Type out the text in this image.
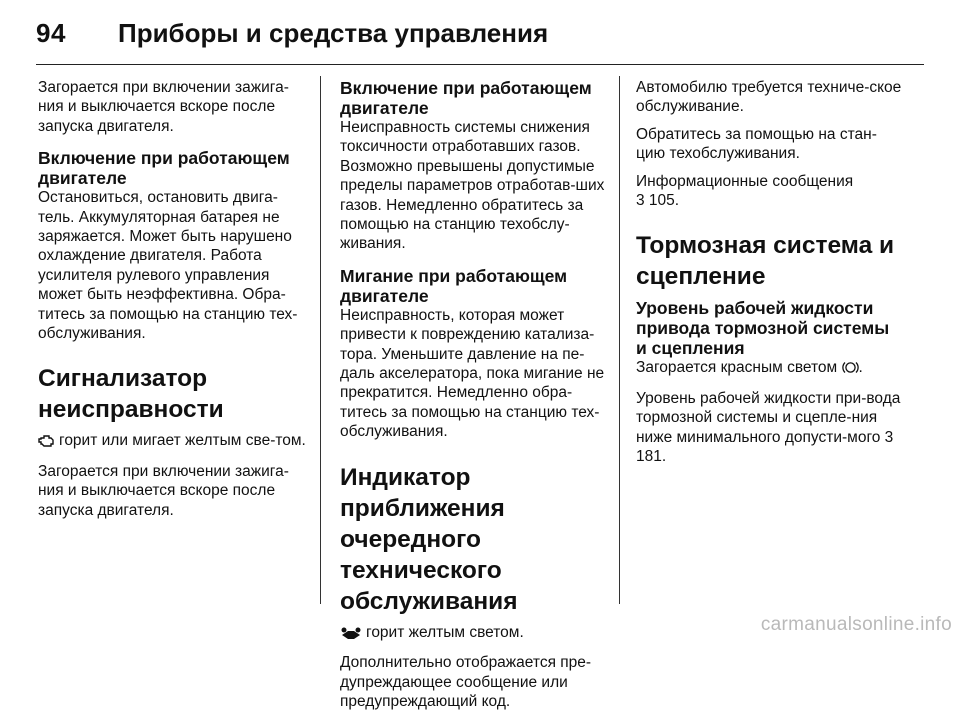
94 Приборы и средства управления

Загорается при включении зажига-ния и выключается вскоре после запуска двигателя.

Включение при работающем двигателе

Остановиться, остановить двига-тель. Аккумуляторная батарея не заряжается. Может быть нарушено охлаждение двигателя. Работа усилителя рулевого управления может быть неэффективна. Обра-титесь за помощью на станцию тех-обслуживания.

Сигнализатор неисправности

горит или мигает желтым све-том.

Загорается при включении зажига-ния и выключается вскоре после запуска двигателя.

Включение при работающем двигателе

Неисправность системы снижения токсичности отработавших газов. Возможно превышены допустимые пределы параметров отработав-ших газов. Немедленно обратитесь за помощью на станцию техобслу-живания.

Мигание при работающем двигателе

Неисправность, которая может привести к повреждению катализа-тора. Уменьшите давление на пе-даль акселератора, пока мигание не прекратится. Немедленно обра-титесь за помощью на станцию тех-обслуживания.

Индикатор приближения очередного технического обслуживания

горит желтым светом.

Дополнительно отображается пре-дупреждающее сообщение или предупреждающий код.

Автомобилю требуется техниче-ское обслуживание.

Обратитесь за помощью на стан-цию техобслуживания.

Информационные сообщения
3 105.

Тормозная система и сцепление
Уровень рабочей жидкости привода тормозной системы и сцепления

Загорается красным светом .

Уровень рабочей жидкости при-вода тормозной системы и сцепле-ния ниже минимального допусти-мого 3 181.

carmanualsonline.info
